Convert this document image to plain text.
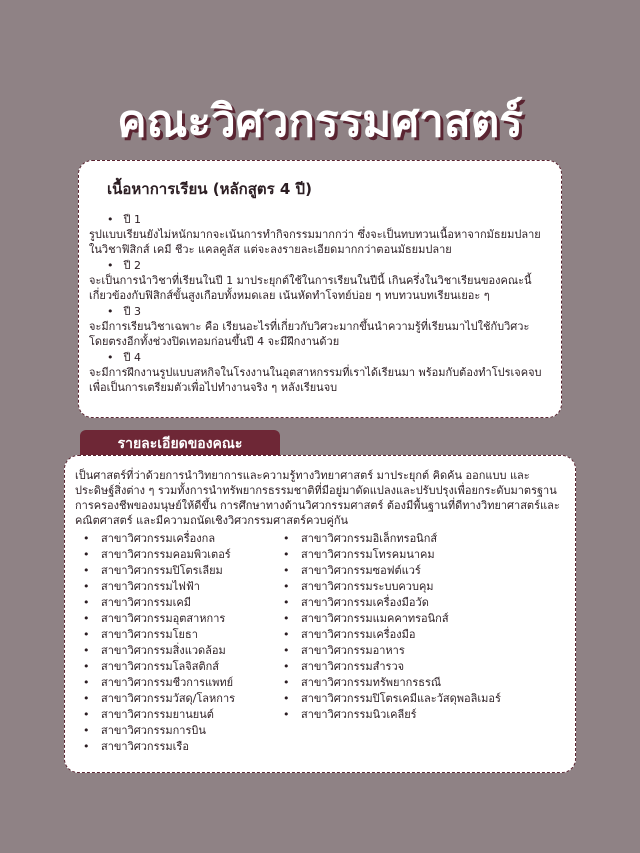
คณะวิศวกรรมศาสตร์
เนื้อหาการเรียน (หลักสูตร 4 ปี)
• ปี 1

รูปแบบเรียนยังไม่หนักมากจะเน้นการทำกิจกรรมมากกว่า ซึ่งจะเป็นทบทวนเนื้อหาจากมัธยมปลาย ในวิชาฟิสิกส์ เคมี ชีวะ แคลคูลัส แต่จะลงรายละเอียดมากกว่าตอนมัธยมปลาย

• ปี 2

จะเป็นการนำวิชาที่เรียนในปี 1 มาประยุกต์ใช้ในการเรียนในปีนี้ เกินครึ่งในวิชาเรียนของคณะนี้เกี่ยวข้องกับฟิสิกส์ขั้นสูงเกือบทั้งหมดเลย เน้นหัดทำโจทย์บ่อย ๆ ทบทวนบทเรียนเยอะ ๆ

• ปี 3

จะมีการเรียนวิชาเฉพาะ คือ เรียนอะไรที่เกี่ยวกับวิศวะมากขึ้นนำความรู้ที่เรียนมาไปใช้กับวิศวะโดยตรงอีกทั้งช่วงปิดเทอมก่อนขึ้นปี 4 จะมีฝึกงานด้วย

• ปี 4

จะมีการฝึกงานรูปแบบสหกิจในโรงงานในอุตสาหกรรมที่เราได้เรียนมา พร้อมกับต้องทำโปรเจคจบเพื่อเป็นการเตรียมตัวเพื่อไปทำงานจริง ๆ หลังเรียนจบ

รายละเอียดของคณะ

เป็นศาสตร์ที่ว่าด้วยการนำวิทยาการและความรู้ทางวิทยาศาสตร์ มาประยุกต์ คิดค้น ออกแบบ และประดิษฐ์สิ่งต่าง ๆ รวมทั้งการนำทรัพยากรธรรมชาติที่มีอยู่มาดัดแปลงและปรับปรุงเพื่อยกระดับมาตรฐานการครองชีพของมนุษย์ให้ดีขึ้น การศึกษาทางด้านวิศวกรรมศาสตร์ ต้องมีพื้นฐานที่ดีทางวิทยาศาสตร์และคณิตศาสตร์ และมีความถนัดเชิงวิศวกรรมศาสตร์ควบคู่กัน

• สาขาวิศวกรรมเครื่องกล
• สาขาวิศวกรรมคอมพิวเตอร์
• สาขาวิศวกรรมปิโตรเลียม
• สาขาวิศวกรรมไฟฟ้า
• สาขาวิศวกรรมเคมี
• สาขาวิศวกรรมอุตสาหการ
• สาขาวิศวกรรมโยธา
• สาขาวิศวกรรมสิ่งแวดล้อม
• สาขาวิศวกรรมโลจิสติกส์
• สาขาวิศวกรรมชีวการแพทย์
• สาขาวิศวกรรมวัสดุ/โลหการ
• สาขาวิศวกรรมยานยนต์
• สาขาวิศวกรรมการบิน
• สาขาวิศวกรรมเรือ
• สาขาวิศวกรรมอิเล็กทรอนิกส์
• สาขาวิศวกรรมโทรคมนาคม
• สาขาวิศวกรรมซอฟต์แวร์
• สาขาวิศวกรรมระบบควบคุม
• สาขาวิศวกรรมเครื่องมือวัด
• สาขาวิศวกรรมแมคคาทรอนิกส์
• สาขาวิศวกรรมเครื่องมือ
• สาขาวิศวกรรมอาหาร
• สาขาวิศวกรรมสำรวจ
• สาขาวิศวกรรมทรัพยากรธรณี
• สาขาวิศวกรรมปิโตรเคมีและวัสดุพอลิเมอร์
• สาขาวิศวกรรมนิวเคลียร์
